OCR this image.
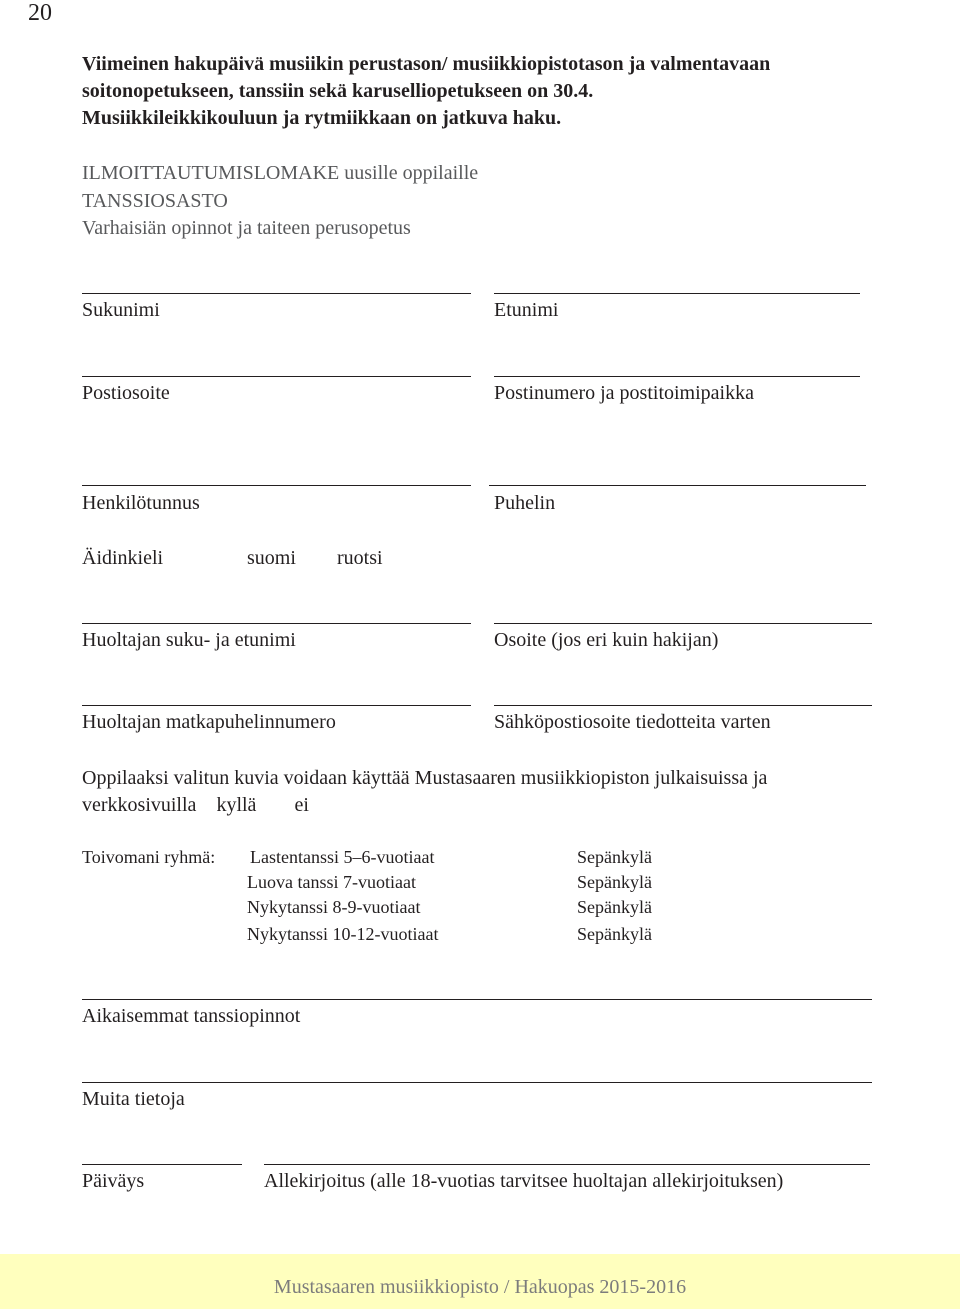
20
Viimeinen hakupäivä musiikin perustason/ musiikkiopistotason ja valmentavaan
soitonopetukseen, tanssiin sekä karuselliopetukseen on 30.4.
Musiikkileikkikouluun ja rytmiikkaan on jatkuva haku.
ILMOITTAUTUMISLOMAKE uusille oppilaille
TANSSIOSASTO
Varhaisiän opinnot ja taiteen perusopetus
Sukunimi	Etunimi
Postiosoite	Postinumero ja postitoimipaikka
Henkilötunnus	Puhelin
Äidinkieli	suomi ruotsi
Huoltajan suku- ja etunimi	Osoite (jos eri kuin hakijan)
Huoltajan matkapuhelinnumero	Sähköpostiosoite tiedotteita varten
Oppilaaksi valitun kuvia voidaan käyttää Mustasaaren musiikkiopiston julkaisuissa ja
verkkosivuilla kyllä ei
Toivomani ryhmä: Lastentanssi 5–6-vuotiaat	Sepänkylä
Luova tanssi 7-vuotiaat	Sepänkylä
Nykytanssi 8-9-vuotiaat	Sepänkylä
Nykytanssi 10-12-vuotiaat	Sepänkylä
Aikaisemmat tanssiopinnot
Muita tietoja
Päiväys	Allekirjoitus (alle 18-vuotias tarvitsee huoltajan allekirjoituksen)
Mustasaaren musiikkiopisto / Hakuopas 2015-2016
